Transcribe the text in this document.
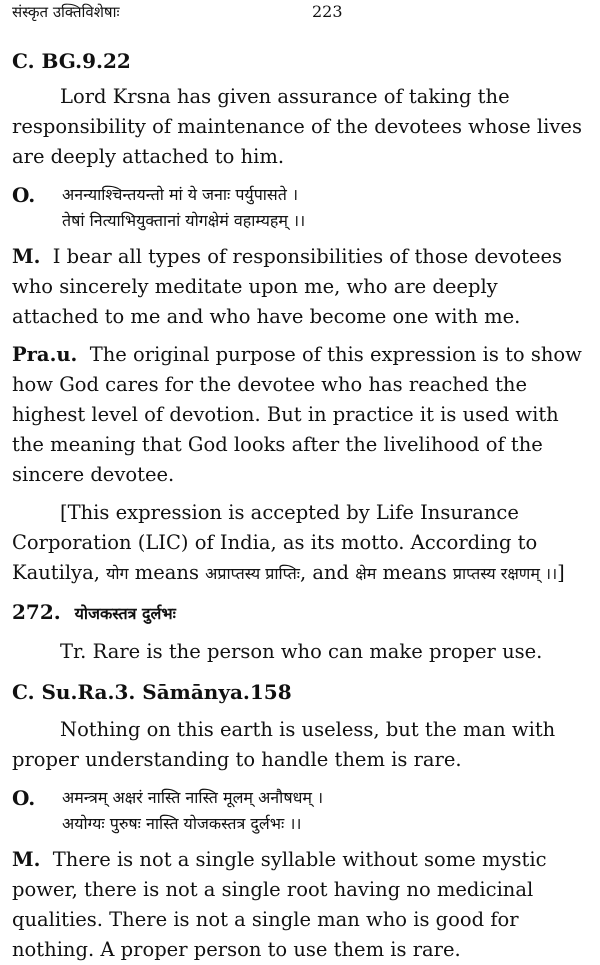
संस्कृत उक्तिविशेषाः	223

C. BG.9.22

Lord Krsna has given assurance of taking the responsibility of maintenance of the devotees whose lives are deeply attached to him.

O.	अनन्याश्चिन्तयन्तो मां ये जनाः पर्युपासते ।
तेषां नित्याभियुक्तानां योगक्षेमं वहाम्यहम् ।।

M. I bear all types of responsibilities of those devotees who sincerely meditate upon me, who are deeply attached to me and who have become one with me.

Pra.u. The original purpose of this expression is to show how God cares for the devotee who has reached the highest level of devotion. But in practice it is used with the meaning that God looks after the livelihood of the sincere devotee.

[This expression is accepted by Life Insurance Corporation (LIC) of India, as its motto. According to Kautilya, योग means अप्राप्तस्य प्राप्तिः, and क्षेम means प्राप्तस्य रक्षणम् ।।]

272. योजकस्तत्र दुर्लभः

Tr. Rare is the person who can make proper use.

C. Su.Ra.3. Sāmānya.158

Nothing on this earth is useless, but the man with proper understanding to handle them is rare.

O.	अमन्त्रम् अक्षरं नास्ति नास्ति मूलम् अनौषधम् ।
अयोग्यः पुरुषः नास्ति योजकस्तत्र दुर्लभः ।।

M. There is not a single syllable without some mystic power, there is not a single root having no medicinal qualities. There is not a single man who is good for nothing. A proper person to use them is rare.
